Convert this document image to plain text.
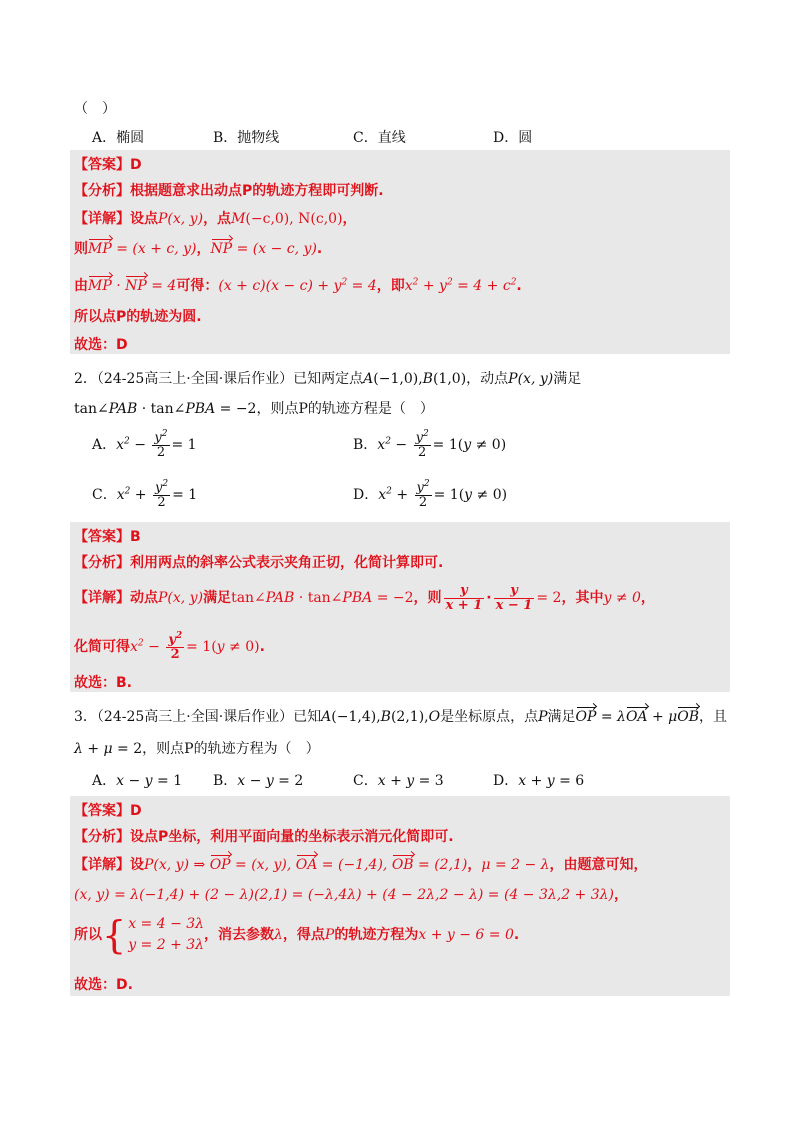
（　）
A．椭圆	B．抛物线	C．直线	D．圆
【答案】D
【分析】根据题意求出动点P的轨迹方程即可判断.
【详解】设点P(x, y)，点M(−c,0), N(c,0)，
则MP = (x + c, y)，NP = (x − c, y).
由MP · NP = 4可得：$(x + c)(x - c) + y^2 = 4$，即$x^2 + y^2 = 4 + c^2$.
所以点P的轨迹为圆.
故选：D
2．（24-25高三上·全国·课后作业）已知两定点A(−1,0),B(1,0)，动点P(x, y)满足
tan∠PAB · tan∠PBA = −2，则点P的轨迹方程是（　）
A．$x^2 - \frac{y^2}{2} = 1$	B．$x^2 - \frac{y^2}{2} = 1(y \ne 0)$
C．$x^2 + \frac{y^2}{2} = 1$	D．$x^2 + \frac{y^2}{2} = 1(y \ne 0)$
【答案】B
【分析】利用两点的斜率公式表示夹角正切，化简计算即可.
【详解】动点P(x, y)满足tan∠PAB · tan∠PBA = −2，则 $\frac{y}{x + 1} \cdot \frac{y}{x - 1} = 2$，其中y ≠ 0，
化简可得$x^2 - \frac{y^2}{2} = 1(y \ne 0)$.
故选：B.
3．（24-25高三上·全国·课后作业）已知A(−1,4),B(2,1),O是坐标原点，点P满足OP = λOA + μOB，且
λ + μ = 2，则点P的轨迹方程为（　）
A．x − y = 1 B．x − y = 2	C．x + y = 3	D．x + y = 6
【答案】D
【分析】设点P坐标，利用平面向量的坐标表示消元化简即可.
【详解】设P(x, y) ⇒ OP = (x, y), OA = (−1,4), OB = (2,1)，μ = 2 − λ，由题意可知，
(x, y) = λ(−1,4) + (2 − λ)(2,1) = (−λ,4λ) + (4 − 2λ,2 − λ) = (4 − 3λ,2 + 3λ)，
所以{ x = 4 − 3λ
y = 2 + 3λ
，消去参数λ，得点P的轨迹方程为x + y − 6 = 0.
故选：D.
